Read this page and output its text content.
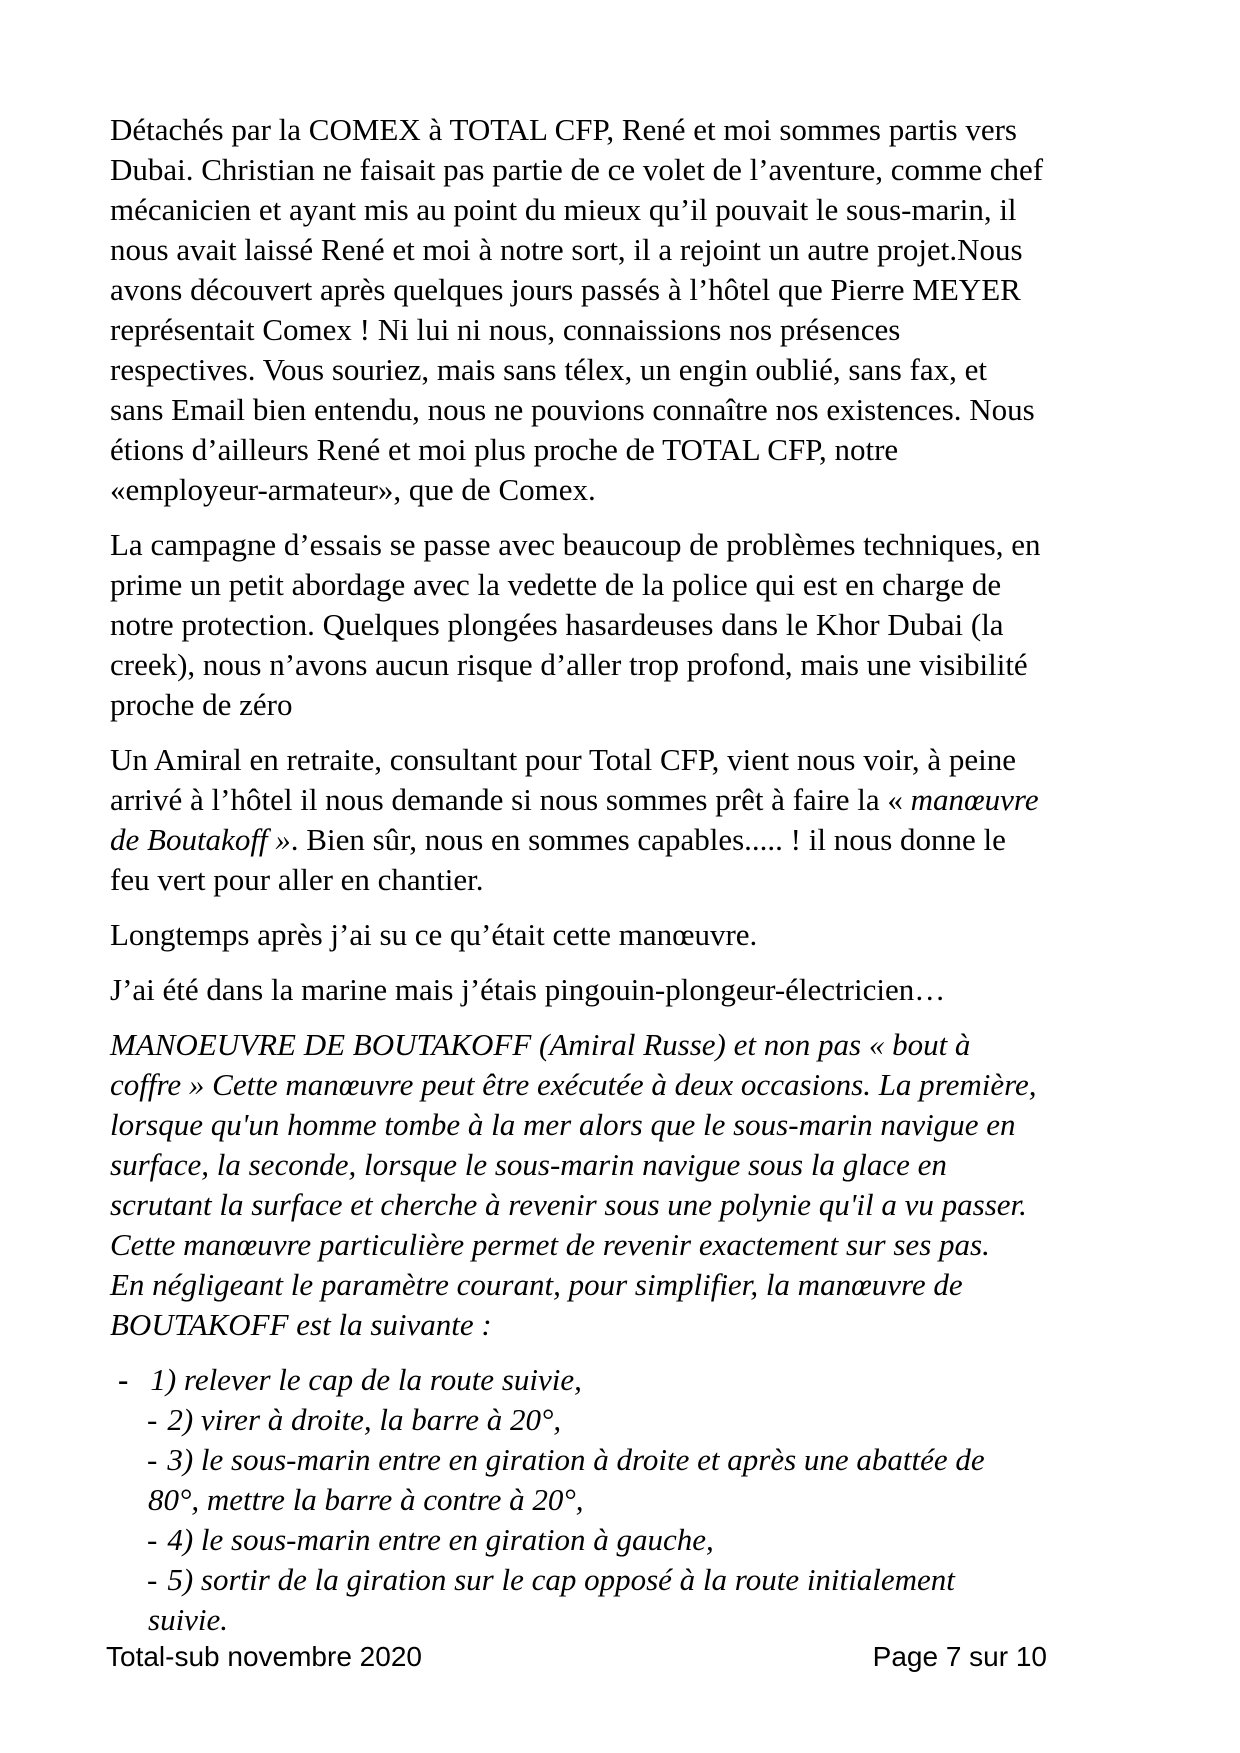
Détachés par la COMEX à TOTAL CFP, René et moi sommes partis vers
Dubai. Christian ne faisait pas partie de ce volet de l’aventure, comme chef
mécanicien et ayant mis au point du mieux qu’il pouvait le sous-marin, il
nous avait laissé René et moi à notre sort, il a rejoint un autre projet.Nous
avons découvert après quelques jours passés à l’hôtel que Pierre MEYER
représentait Comex ! Ni lui ni nous, connaissions nos présences
respectives. Vous souriez, mais sans télex, un engin oublié, sans fax, et
sans Email bien entendu, nous ne pouvions connaître nos existences. Nous
étions d’ailleurs René et moi plus proche de TOTAL CFP, notre
«employeur-armateur», que de Comex.
La campagne d’essais se passe avec beaucoup de problèmes techniques, en
prime un petit abordage avec la vedette de la police qui est en charge de
notre protection. Quelques plongées hasardeuses dans le Khor Dubai (la
creek), nous n’avons aucun risque d’aller trop profond, mais une visibilité
proche de zéro
Un Amiral en retraite, consultant pour Total CFP, vient nous voir, à peine
arrivé à l’hôtel il nous demande si nous sommes prêt à faire la « manœuvre
de Boutakoff ». Bien sûr, nous en sommes capables..... ! il nous donne le
feu vert pour aller en chantier.
Longtemps après j’ai su ce qu’était cette manœuvre.
J’ai été dans la marine mais j’étais pingouin-plongeur-électricien…
MANOEUVRE DE BOUTAKOFF (Amiral Russe) et non pas « bout à
coffre » Cette manœuvre peut être exécutée à deux occasions. La première,
lorsque qu'un homme tombe à la mer alors que le sous-marin navigue en
surface, la seconde, lorsque le sous-marin navigue sous la glace en
scrutant la surface et cherche à revenir sous une polynie qu'il a vu passer.
Cette manœuvre particulière permet de revenir exactement sur ses pas.
En négligeant le paramètre courant, pour simplifier, la manœuvre de
BOUTAKOFF est la suivante :
- 1) relever le cap de la route suivie,
- 2) virer à droite, la barre à 20°,
- 3) le sous-marin entre en giration à droite et après une abattée de
80°, mettre la barre à contre à 20°,
- 4) le sous-marin entre en giration à gauche,
- 5) sortir de la giration sur le cap opposé à la route initialement
suivie.
Total-sub novembre 2020	Page 7 sur 10
